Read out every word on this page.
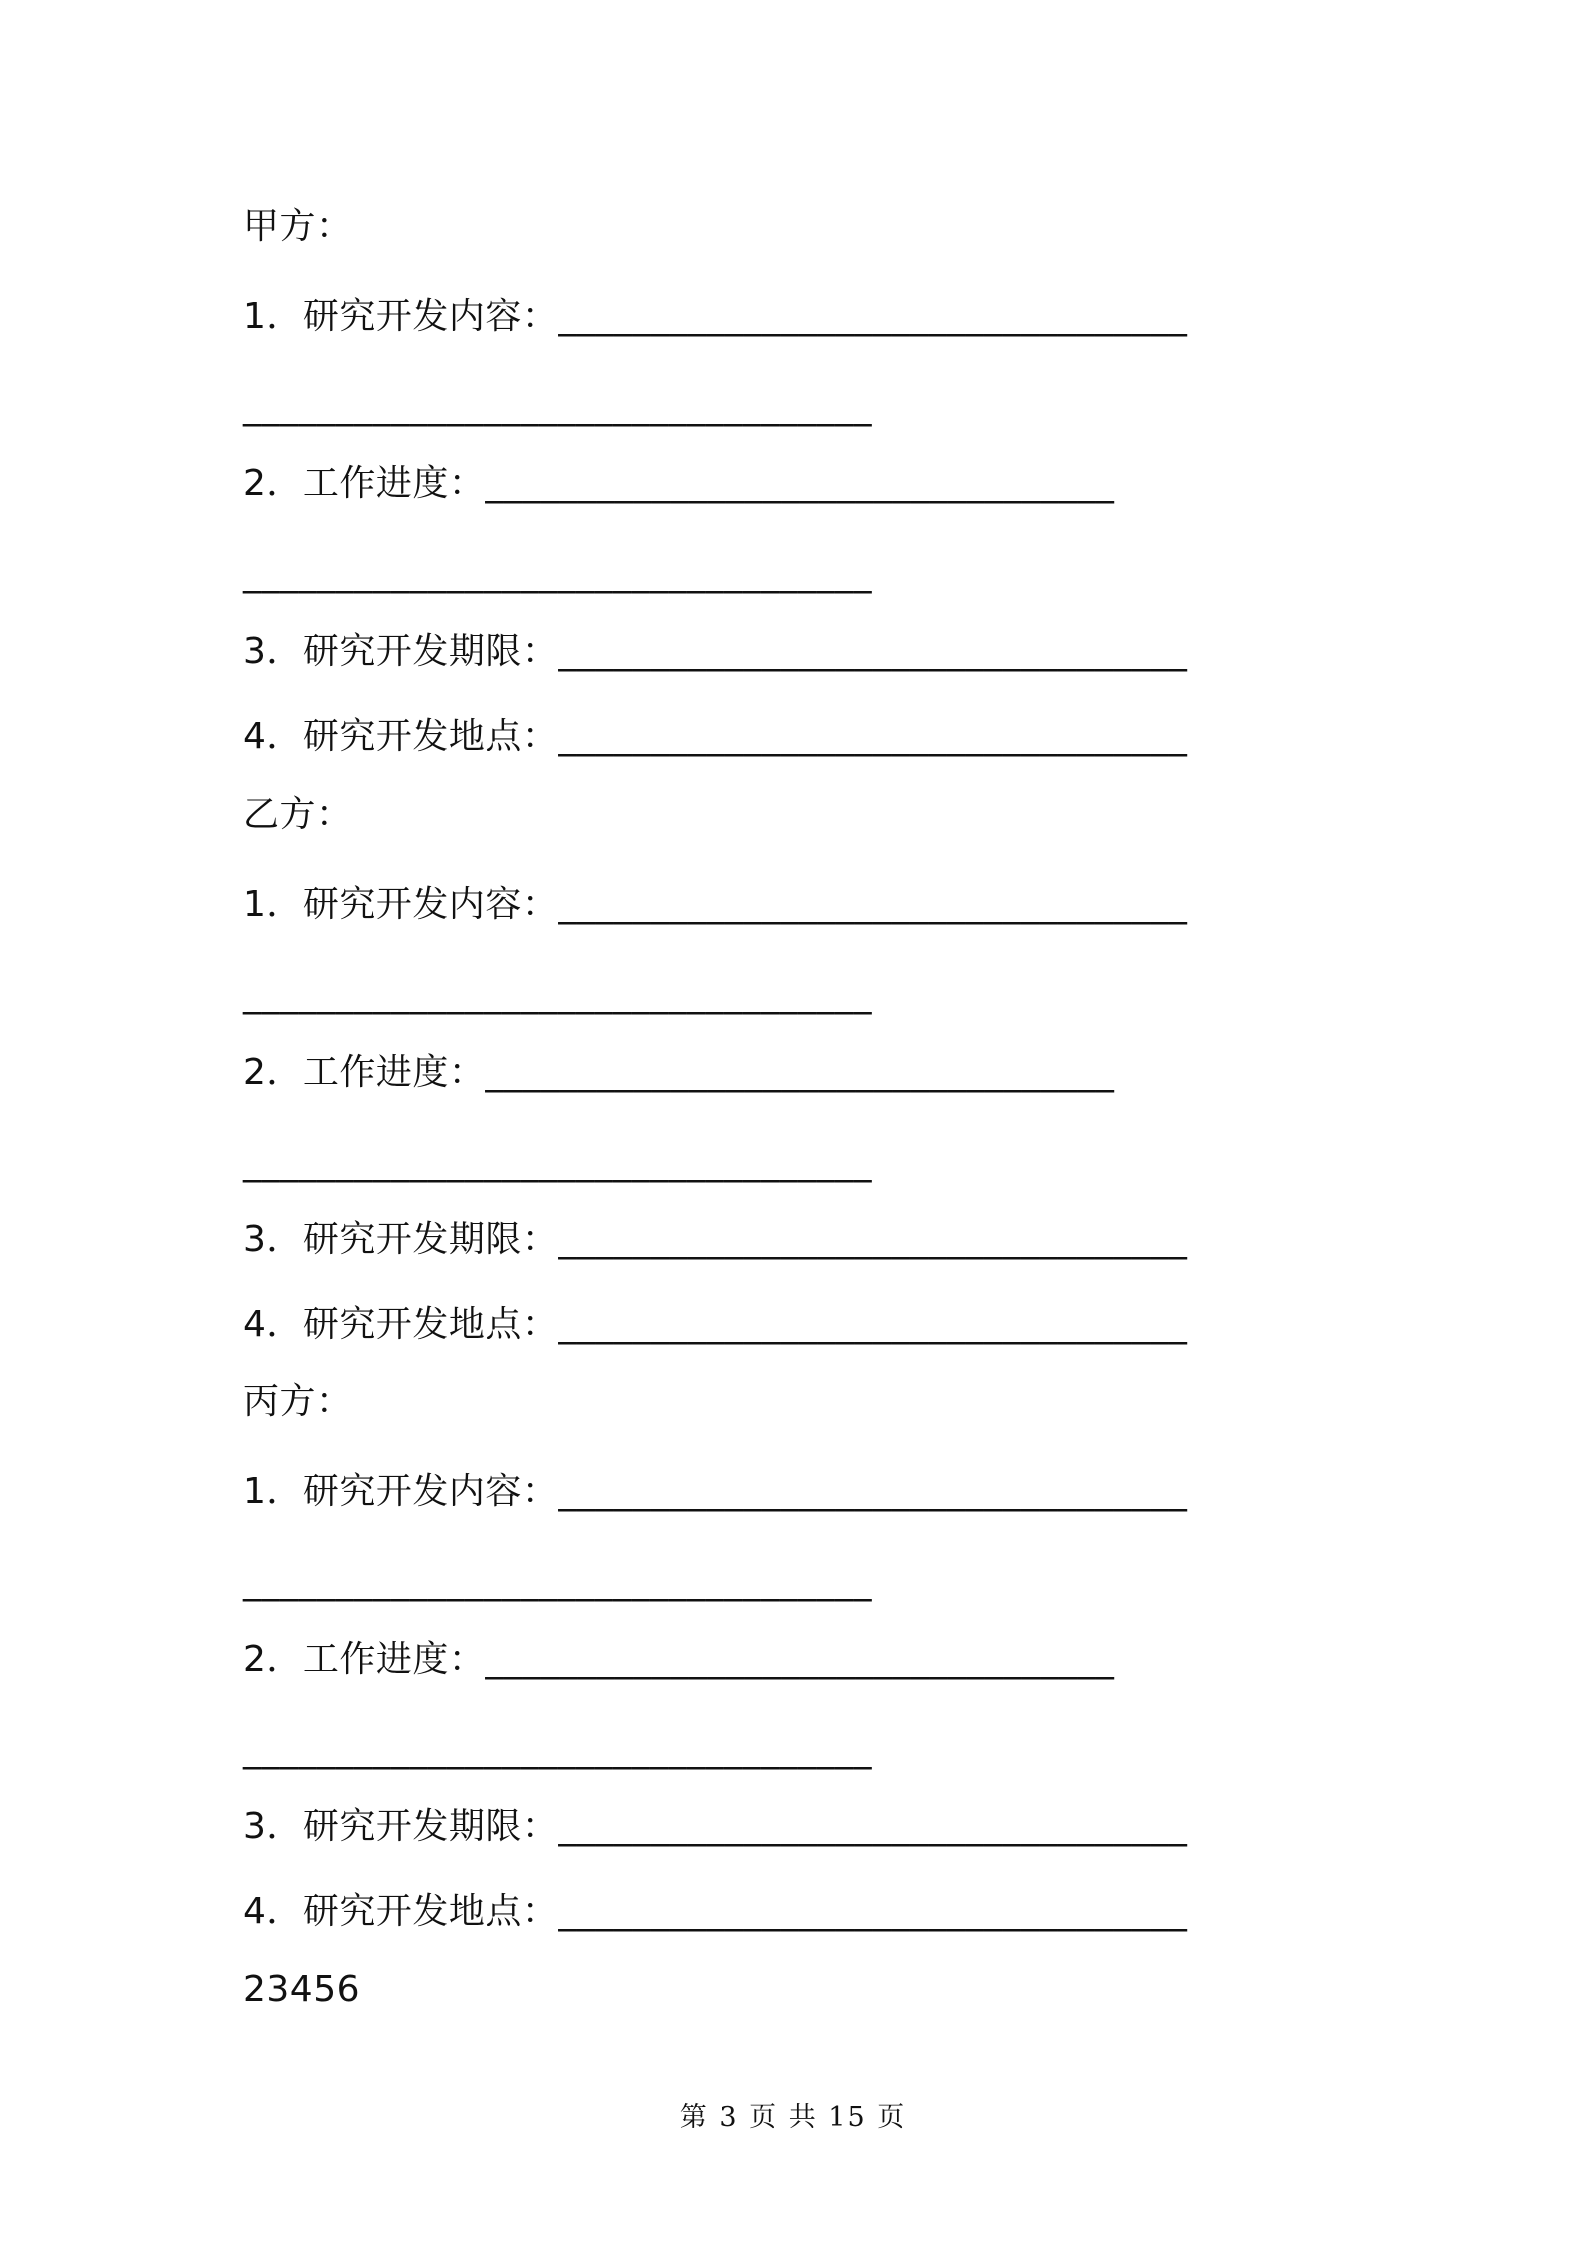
甲方：

1．研究开发内容：__________________________________

__________________________________

2．工作进度：__________________________________

__________________________________

3．研究开发期限：__________________________________

4．研究开发地点：__________________________________

乙方：

1．研究开发内容：__________________________________

__________________________________

2．工作进度：__________________________________

__________________________________

3．研究开发期限：__________________________________

4．研究开发地点：__________________________________

丙方：

1．研究开发内容：__________________________________

__________________________________

2．工作进度：__________________________________

__________________________________

3．研究开发期限：__________________________________

4．研究开发地点：__________________________________

23456

第 3 页 共 15 页
